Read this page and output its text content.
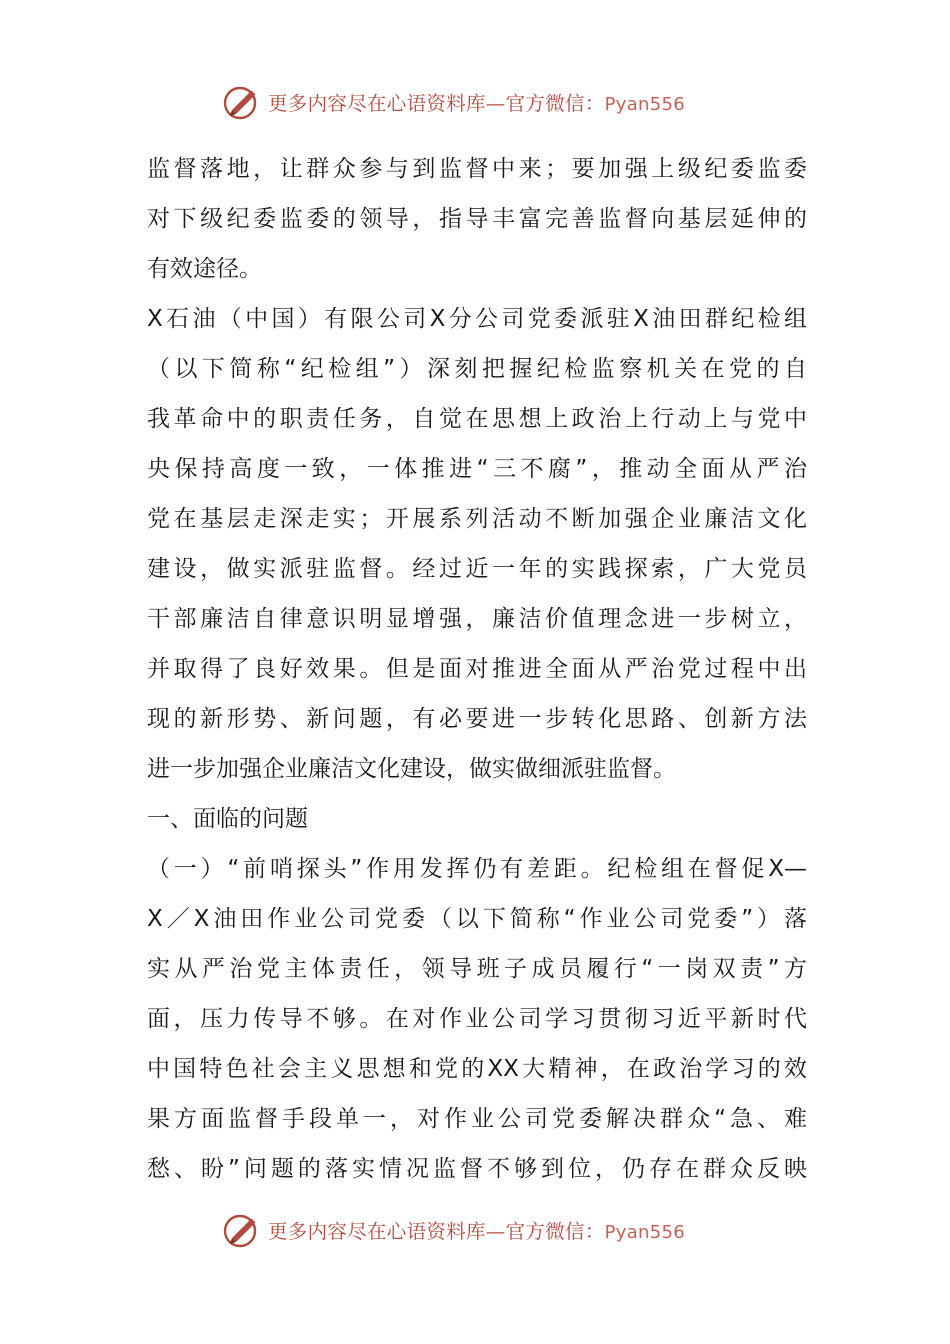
更多内容尽在心语资料库—官方微信：Pyan556
监督落地，让群众参与到监督中来；要加强上级纪委监委
对下级纪委监委的领导，指导丰富完善监督向基层延伸的
有效途径。
X石油（中国）有限公司X分公司党委派驻X油田群纪检组
（以下简称“纪检组”）深刻把握纪检监察机关在党的自
我革命中的职责任务，自觉在思想上政治上行动上与党中
央保持高度一致，一体推进“三不腐”，推动全面从严治
党在基层走深走实；开展系列活动不断加强企业廉洁文化
建设，做实派驻监督。经过近一年的实践探索，广大党员
干部廉洁自律意识明显增强，廉洁价值理念进一步树立，
并取得了良好效果。但是面对推进全面从严治党过程中出
现的新形势、新问题，有必要进一步转化思路、创新方法
进一步加强企业廉洁文化建设，做实做细派驻监督。
一、面临的问题
（一）“前哨探头”作用发挥仍有差距。纪检组在督促X—
X／X油田作业公司党委（以下简称“作业公司党委”）落
实从严治党主体责任，领导班子成员履行“一岗双责”方
面，压力传导不够。在对作业公司学习贯彻习近平新时代
中国特色社会主义思想和党的XX大精神，在政治学习的效
果方面监督手段单一，对作业公司党委解决群众“急、难
愁、盼”问题的落实情况监督不够到位，仍存在群众反映
更多内容尽在心语资料库—官方微信：Pyan556
